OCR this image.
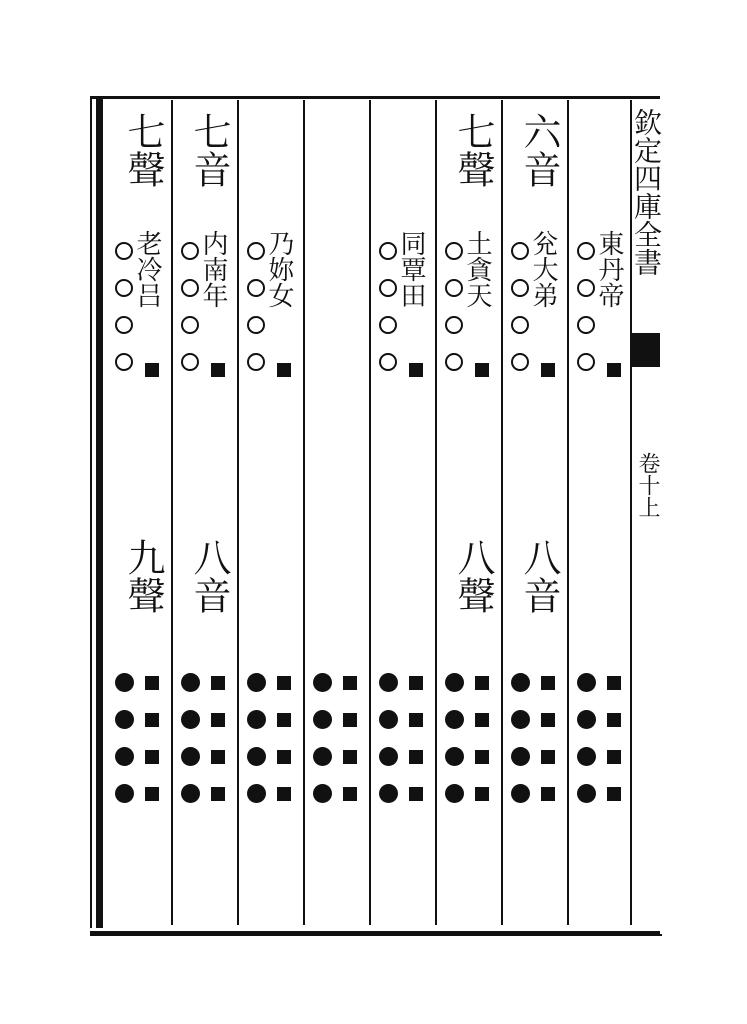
七聲
九聲
老冷吕
七音
八音
内南年 乃妳女	同覃田
七聲
八聲
土貪天
六音
八音
兊大弟 東丹帝 欽定四庫全書
卷十上
